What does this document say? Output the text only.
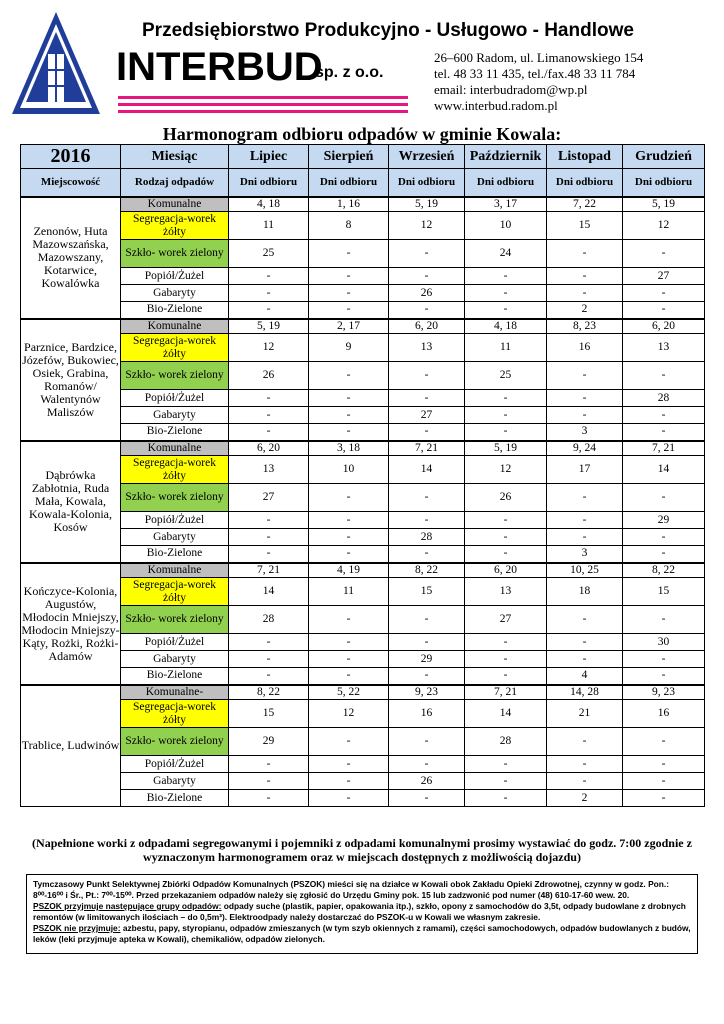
Przedsiębiorstwo Produkcyjno - Usługowo - Handlowe
INTERBUD
sp. z o.o.
26–600 Radom, ul. Limanowskiego 154
tel. 48 33 11 435, tel./fax.48 33 11 784
email: interbudradom@wp.pl
www.interbud.radom.pl
Harmonogram odbioru odpadów w gminie Kowala:
2016	Miesiąc	Lipiec	Sierpień	Wrzesień	Październik	Listopad	Grudzień
Miejscowość	Rodzaj odpadów	Dni odbioru	Dni odbioru	Dni odbioru	Dni odbioru	Dni odbioru	Dni odbioru
Zenonów, Huta Mazowszańska, Mazowszany, Kotarwice, Kowalówka	Komunalne	4, 18	1, 16	5, 19	3, 17	7, 22	5, 19
	Segregacja-worek żółty	11	8	12	10	15	12
	Szkło- worek zielony	25	-	-	24	-	-
	Popiół/Żużel	-	-	-	-	-	27
	Gabaryty	-	-	26	-	-	-
	Bio-Zielone	-	-	-	-	2	-
Parznice, Bardzice, Józefów, Bukowiec, Osiek, Grabina, Romanów/ Walentynów Maliszów	Komunalne	5, 19	2, 17	6, 20	4, 18	8, 23	6, 20
	Segregacja-worek żółty	12	9	13	11	16	13
	Szkło- worek zielony	26	-	-	25	-	-
	Popiół/Żużel	-	-	-	-	-	28
	Gabaryty	-	-	27	-	-	-
	Bio-Zielone	-	-	-	-	3	-
Dąbrówka Zabłotnia, Ruda Mała, Kowala, Kowala-Kolonia, Kosów	Komunalne	6, 20	3, 18	7, 21	5, 19	9, 24	7, 21
	Segregacja-worek żółty	13	10	14	12	17	14
	Szkło- worek zielony	27	-	-	26	-	-
	Popiół/Żużel	-	-	-	-	-	29
	Gabaryty	-	-	28	-	-	-
	Bio-Zielone	-	-	-	-	3	-
Kończyce-Kolonia, Augustów, Młodocin Mniejszy, Młodocin Mniejszy-Kąty, Rożki, Rożki-Adamów	Komunalne	7, 21	4, 19	8, 22	6, 20	10, 25	8, 22
	Segregacja-worek żółty	14	11	15	13	18	15
	Szkło- worek zielony	28	-	-	27	-	-
	Popiół/Żużel	-	-	-	-	-	30
	Gabaryty	-	-	29	-	-	-
	Bio-Zielone	-	-	-	-	4	-
Trablice, Ludwinów	Komunalne-	8, 22	5, 22	9, 23	7, 21	14, 28	9, 23
	Segregacja-worek żółty	15	12	16	14	21	16
	Szkło- worek zielony	29	-	-	28	-	-
	Popiół/Żużel	-	-	-	-	-	-
	Gabaryty	-	-	26	-	-	-
	Bio-Zielone	-	-	-	-	2	-
(Napełnione worki z odpadami segregowanymi i pojemniki z odpadami komunalnymi prosimy wystawiać do godz. 7:00 zgodnie z wyznaczonym harmonogramem oraz w miejscach dostępnych z możliwością dojazdu)
Tymczasowy Punkt Selektywnej Zbiórki Odpadów Komunalnych (PSZOK) mieści się na działce w Kowali obok Zakładu Opieki Zdrowotnej, czynny w godz. Pon.: 8⁰⁰-16⁰⁰ i Śr., Pt.: 7⁰⁰-15⁰⁰. Przed przekazaniem odpadów należy się zgłosić do Urzędu Gminy pok. 15 lub zadzwonić pod numer (48) 610-17-60 wew. 20.
PSZOK przyjmuje następujące grupy odpadów: odpady suche (plastik, papier, opakowania itp.), szkło, opony z samochodów do 3,5t, odpady budowlane z drobnych remontów (w limitowanych ilościach – do 0,5m³). Elektroodpady należy dostarczać do PSZOK-u w Kowali we własnym zakresie.
PSZOK nie przyjmuje: azbestu, papy, styropianu, odpadów zmieszanych (w tym szyb okiennych z ramami), części samochodowych, odpadów budowlanych z budów, leków (leki przyjmuje apteka w Kowali), chemikaliów, odpadów zielonych.
